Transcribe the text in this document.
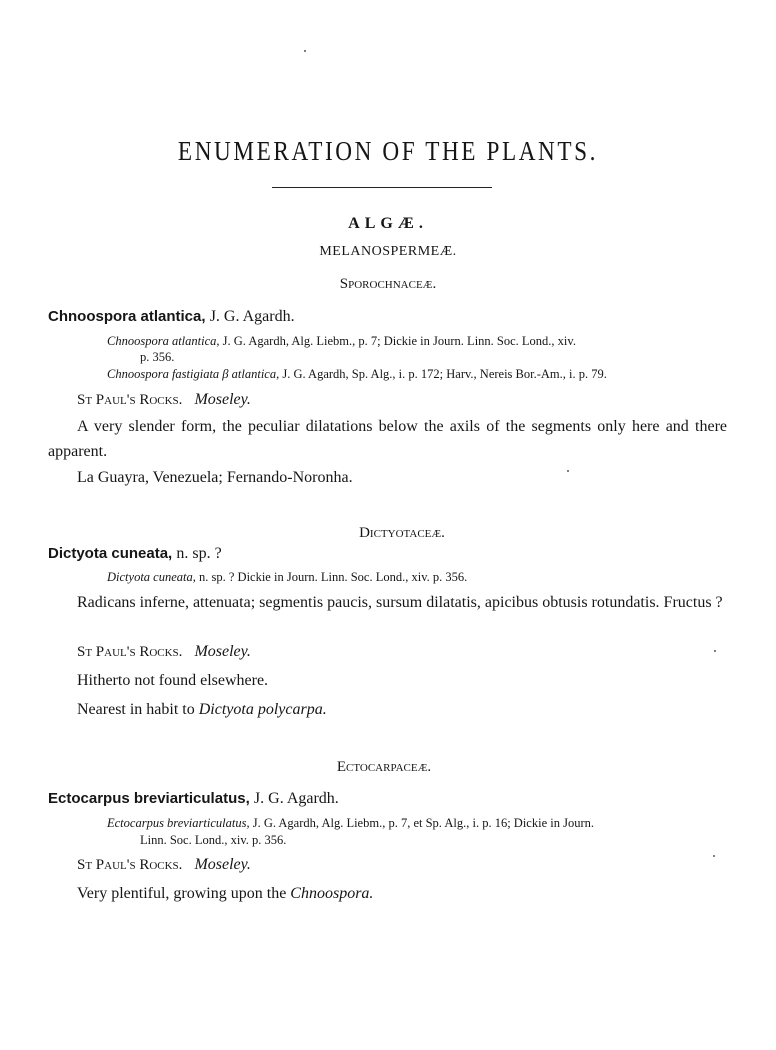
ENUMERATION OF THE PLANTS.
ALGÆ.
MELANOSPERMEÆ.
Sporochnaceæ.
Chnoospora atlantica, J. G. Agardh.
Chnoospora atlantica, J. G. Agardh, Alg. Liebm., p. 7; Dickie in Journ. Linn. Soc. Lond., xiv.
p. 356.
Chnoospora fastigiata β atlantica, J. G. Agardh, Sp. Alg., i. p. 172; Harv., Nereis Bor.-Am., i. p. 79.
St Paul's Rocks. Moseley.
A very slender form, the peculiar dilatations below the axils of the segments only here and there apparent.
La Guayra, Venezuela; Fernando-Noronha.
Dictyotaceæ.
Dictyota cuneata, n. sp. ?
Dictyota cuneata, n. sp. ? Dickie in Journ. Linn. Soc. Lond., xiv. p. 356.
Radicans inferne, attenuata; segmentis paucis, sursum dilatatis, apicibus obtusis rotundatis. Fructus ?
St Paul's Rocks. Moseley.
Hitherto not found elsewhere.
Nearest in habit to Dictyota polycarpa.
Ectocarpaceæ.
Ectocarpus breviarticulatus, J. G. Agardh.
Ectocarpus breviarticulatus, J. G. Agardh, Alg. Liebm., p. 7, et Sp. Alg., i. p. 16; Dickie in Journ.
Linn. Soc. Lond., xiv. p. 356.
St Paul's Rocks. Moseley.
Very plentiful, growing upon the Chnoospora.
